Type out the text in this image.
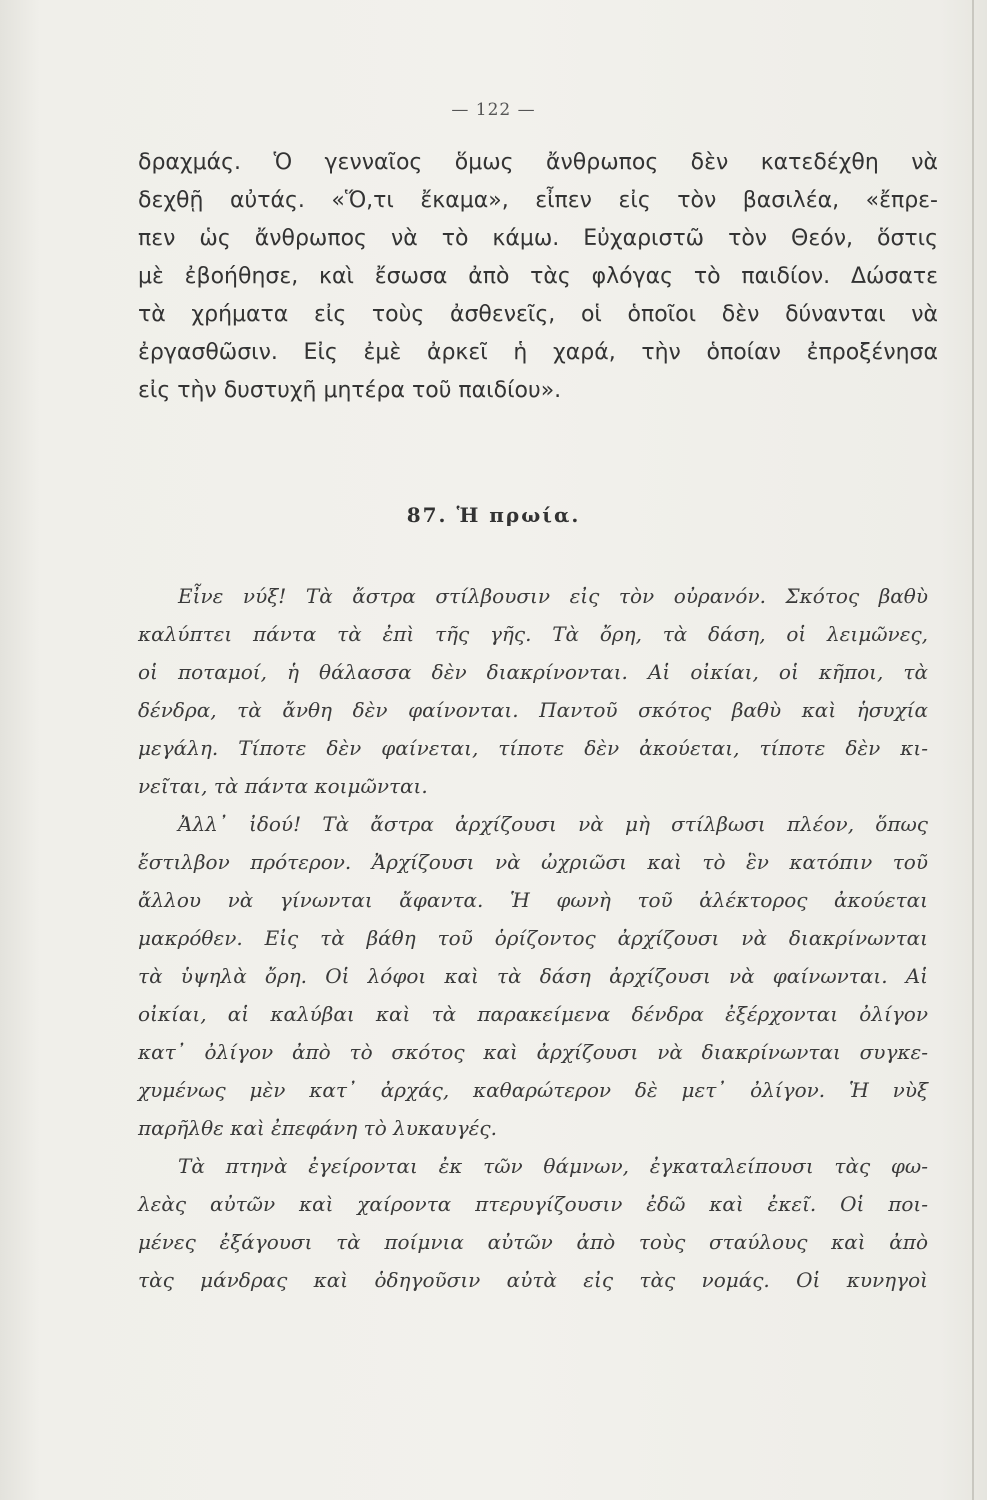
— 122 —
δραχμάς. Ὁ γενναῖος ὅμως ἄνθρωπος δὲν κατεδέχθη νὰ
δεχθῇ αὐτάς. «Ὅ,τι ἔκαμα», εἶπεν εἰς τὸν βασιλέα, «ἔπρε-
πεν ὡς ἄνθρωπος νὰ τὸ κάμω. Εὐχαριστῶ τὸν Θεόν, ὅστις
μὲ ἐβοήθησε, καὶ ἔσωσα ἀπὸ τὰς φλόγας τὸ παιδίον. Δώσατε
τὰ χρήματα εἰς τοὺς ἀσθενεῖς, οἱ ὁποῖοι δὲν δύνανται νὰ
ἐργασθῶσιν. Εἰς ἐμὲ ἀρκεῖ ἡ χαρά, τὴν ὁποίαν ἐπροξένησα
εἰς τὴν δυστυχῆ μητέρα τοῦ παιδίου».
87. Ἡ πρωία.
Εἶνε νύξ! Τὰ ἄστρα στίλβουσιν εἰς τὸν οὐρανόν. Σκότος βαθὺ
καλύπτει πάντα τὰ ἐπὶ τῆς γῆς. Τὰ ὄρη, τὰ δάση, οἱ λειμῶνες,
οἱ ποταμοί, ἡ θάλασσα δὲν διακρίνονται. Αἱ οἰκίαι, οἱ κῆποι, τὰ
δένδρα, τὰ ἄνθη δὲν φαίνονται. Παντοῦ σκότος βαθὺ καὶ ἡσυχία
μεγάλη. Τίποτε δὲν φαίνεται, τίποτε δὲν ἀκούεται, τίποτε δὲν κι-
νεῖται, τὰ πάντα κοιμῶνται.
Ἀλλ᾽ ἰδού! Τὰ ἄστρα ἀρχίζουσι νὰ μὴ στίλβωσι πλέον, ὅπως
ἔστιλβον πρότερον. Ἀρχίζουσι νὰ ὠχριῶσι καὶ τὸ ἓν κατόπιν τοῦ
ἄλλου νὰ γίνωνται ἄφαντα. Ἡ φωνὴ τοῦ ἀλέκτορος ἀκούεται
μακρόθεν. Εἰς τὰ βάθη τοῦ ὁρίζοντος ἀρχίζουσι νὰ διακρίνωνται
τὰ ὑψηλὰ ὄρη. Οἱ λόφοι καὶ τὰ δάση ἀρχίζουσι νὰ φαίνωνται. Αἱ
οἰκίαι, αἱ καλύβαι καὶ τὰ παρακείμενα δένδρα ἐξέρχονται ὀλίγον
κατ᾽ ὀλίγον ἀπὸ τὸ σκότος καὶ ἀρχίζουσι νὰ διακρίνωνται συγκε-
χυμένως μὲν κατ᾽ ἀρχάς, καθαρώτερον δὲ μετ᾽ ὀλίγον. Ἡ νὺξ
παρῆλθε καὶ ἐπεφάνη τὸ λυκαυγές.
Τὰ πτηνὰ ἐγείρονται ἐκ τῶν θάμνων, ἐγκαταλείπουσι τὰς φω-
λεὰς αὐτῶν καὶ χαίροντα πτερυγίζουσιν ἐδῶ καὶ ἐκεῖ. Οἱ ποι-
μένες ἐξάγουσι τὰ ποίμνια αὐτῶν ἀπὸ τοὺς σταύλους καὶ ἀπὸ
τὰς μάνδρας καὶ ὁδηγοῦσιν αὐτὰ εἰς τὰς νομάς. Οἱ κυνηγοὶ
